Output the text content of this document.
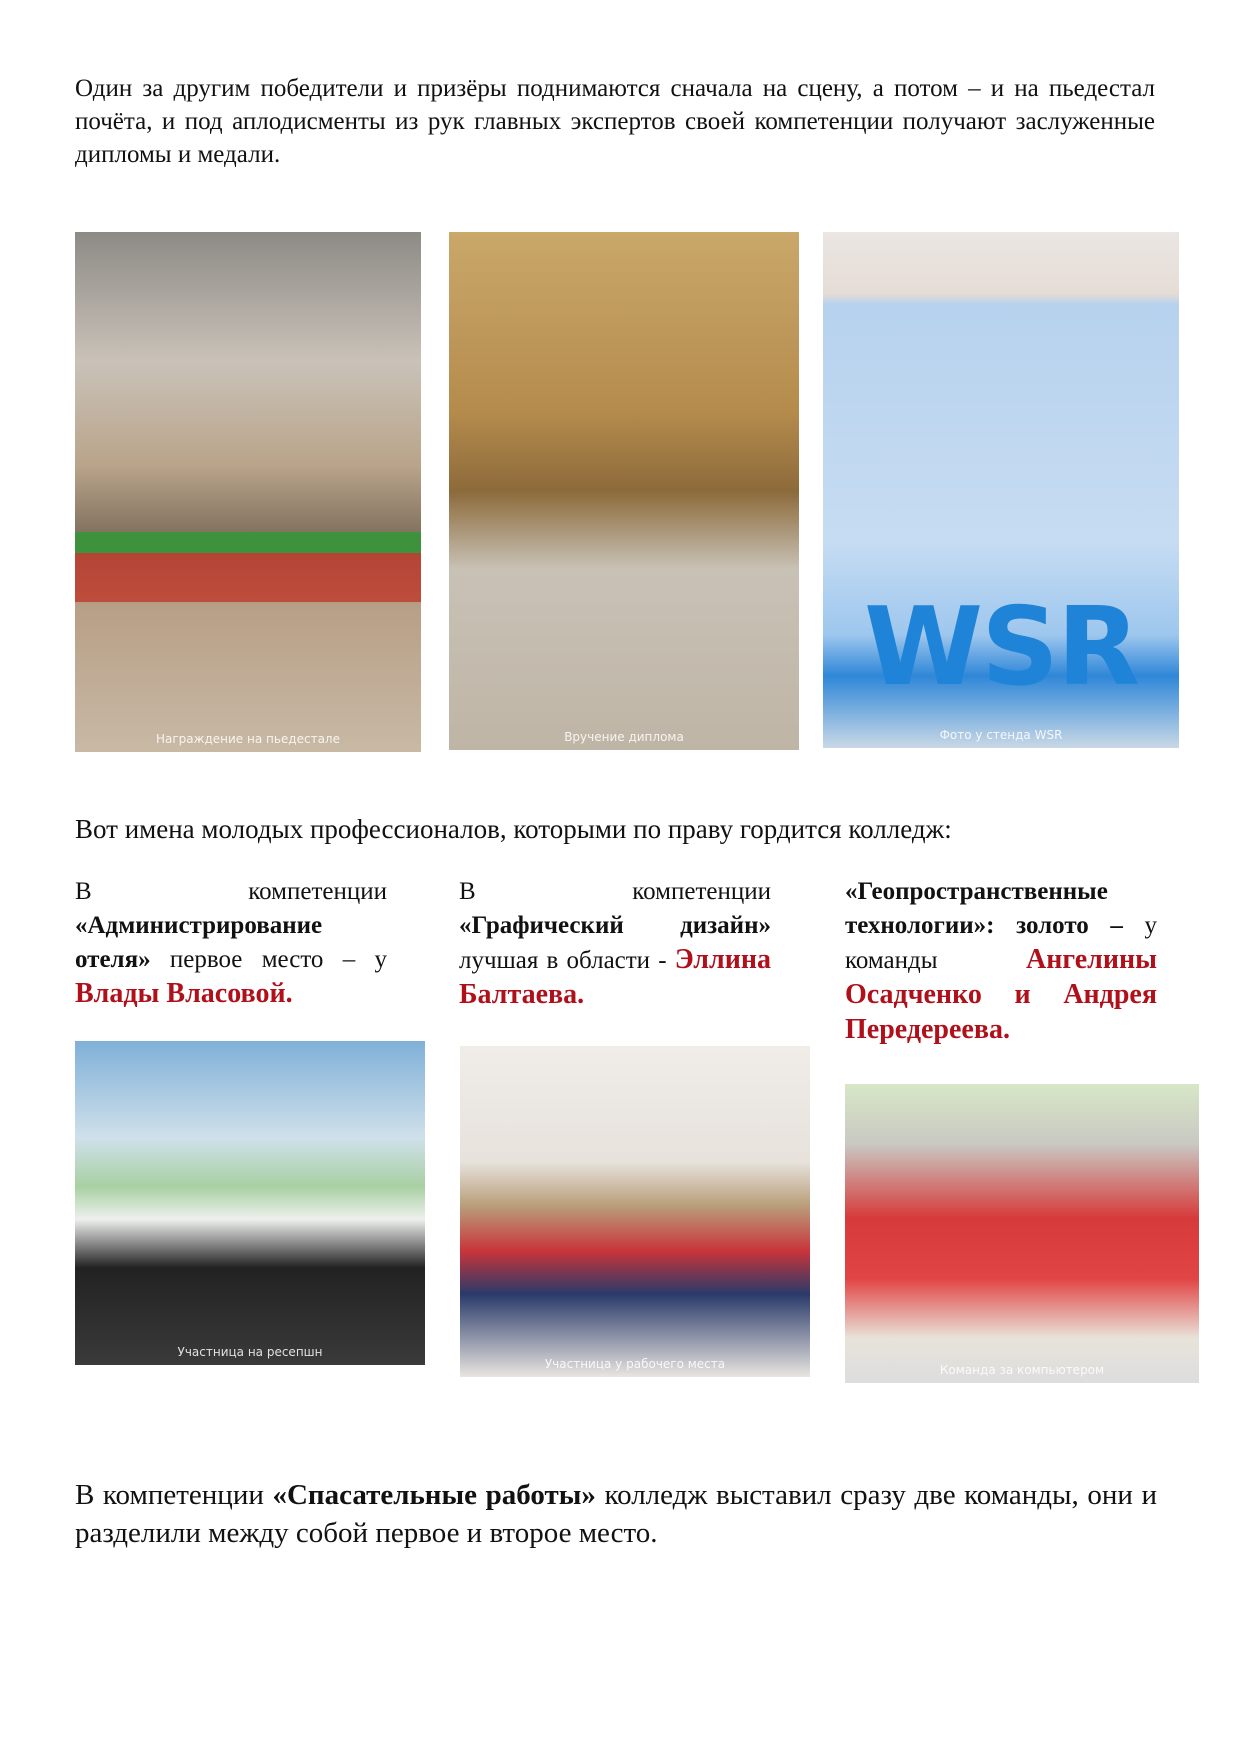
Один за другим победители и призёры поднимаются сначала на сцену, а потом – и на пьедестал почёта, и под аплодисменты из рук главных экспертов своей компетенции получают заслуженные дипломы и медали.

Награждение на пьедестале	Вручение диплома
WSR
Фото у стенда WSR

Вот имена молодых профессионалов, которыми по праву гордится колледж:

В компетенции «Администрирование отеля» первое место – у Влады Власовой.
В компетенции «Графический дизайн» лучшая в области - Эллина Балтаева.
«Геопространственные технологии»: золото – у команды Ангелины Осадченко и Андрея Передереева.
Участница на ресепшн
Участница у рабочего места	Команда за компьютером

В компетенции «Спасательные работы» колледж выставил сразу две команды, они и разделили между собой первое и второе место.
